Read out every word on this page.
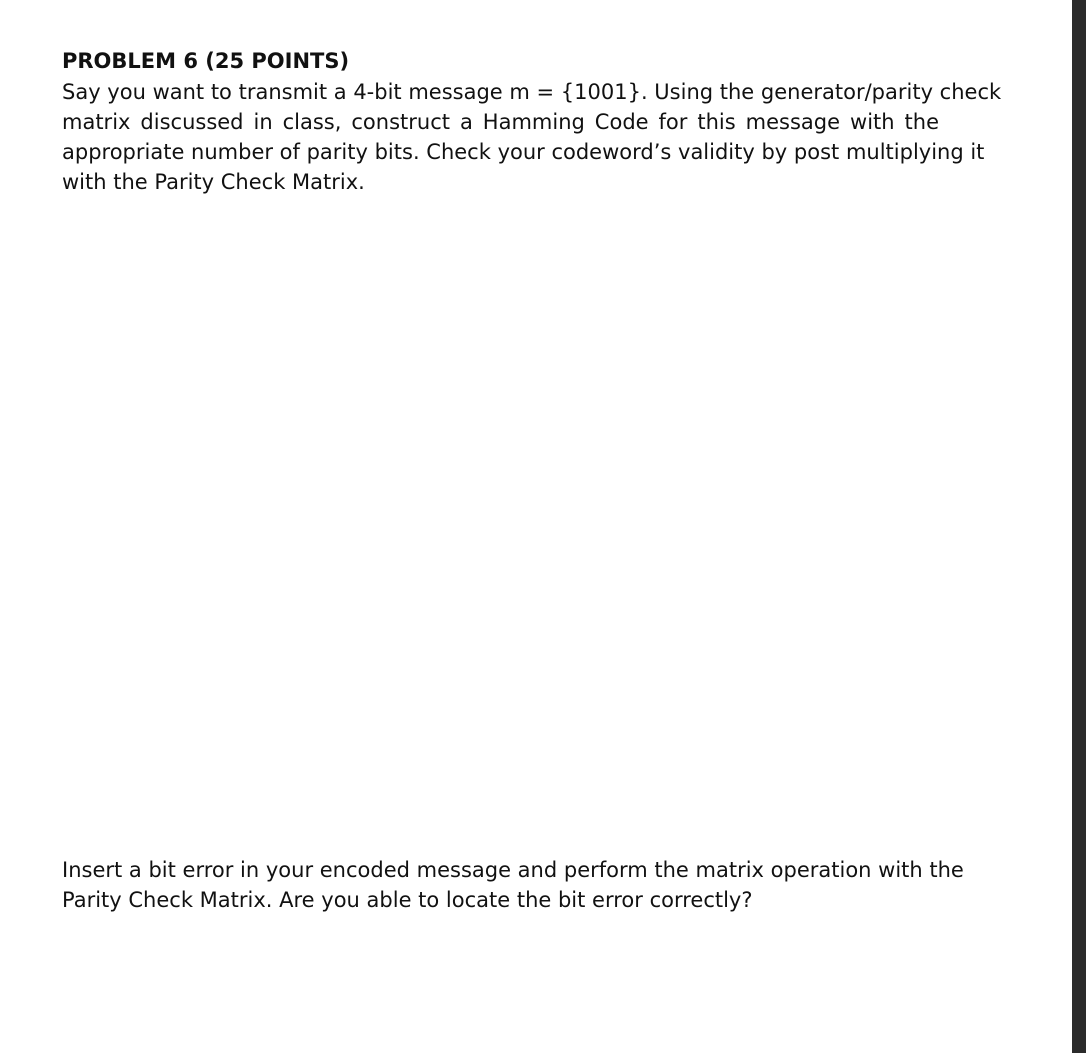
PROBLEM 6 (25 POINTS)
Say you want to transmit a 4-bit message m = {1001}. Using the generator/parity check
matrix discussed in class, construct a Hamming Code for this message with the
appropriate number of parity bits. Check your codeword’s validity by post multiplying it
with the Parity Check Matrix.
Insert a bit error in your encoded message and perform the matrix operation with the
Parity Check Matrix. Are you able to locate the bit error correctly?
